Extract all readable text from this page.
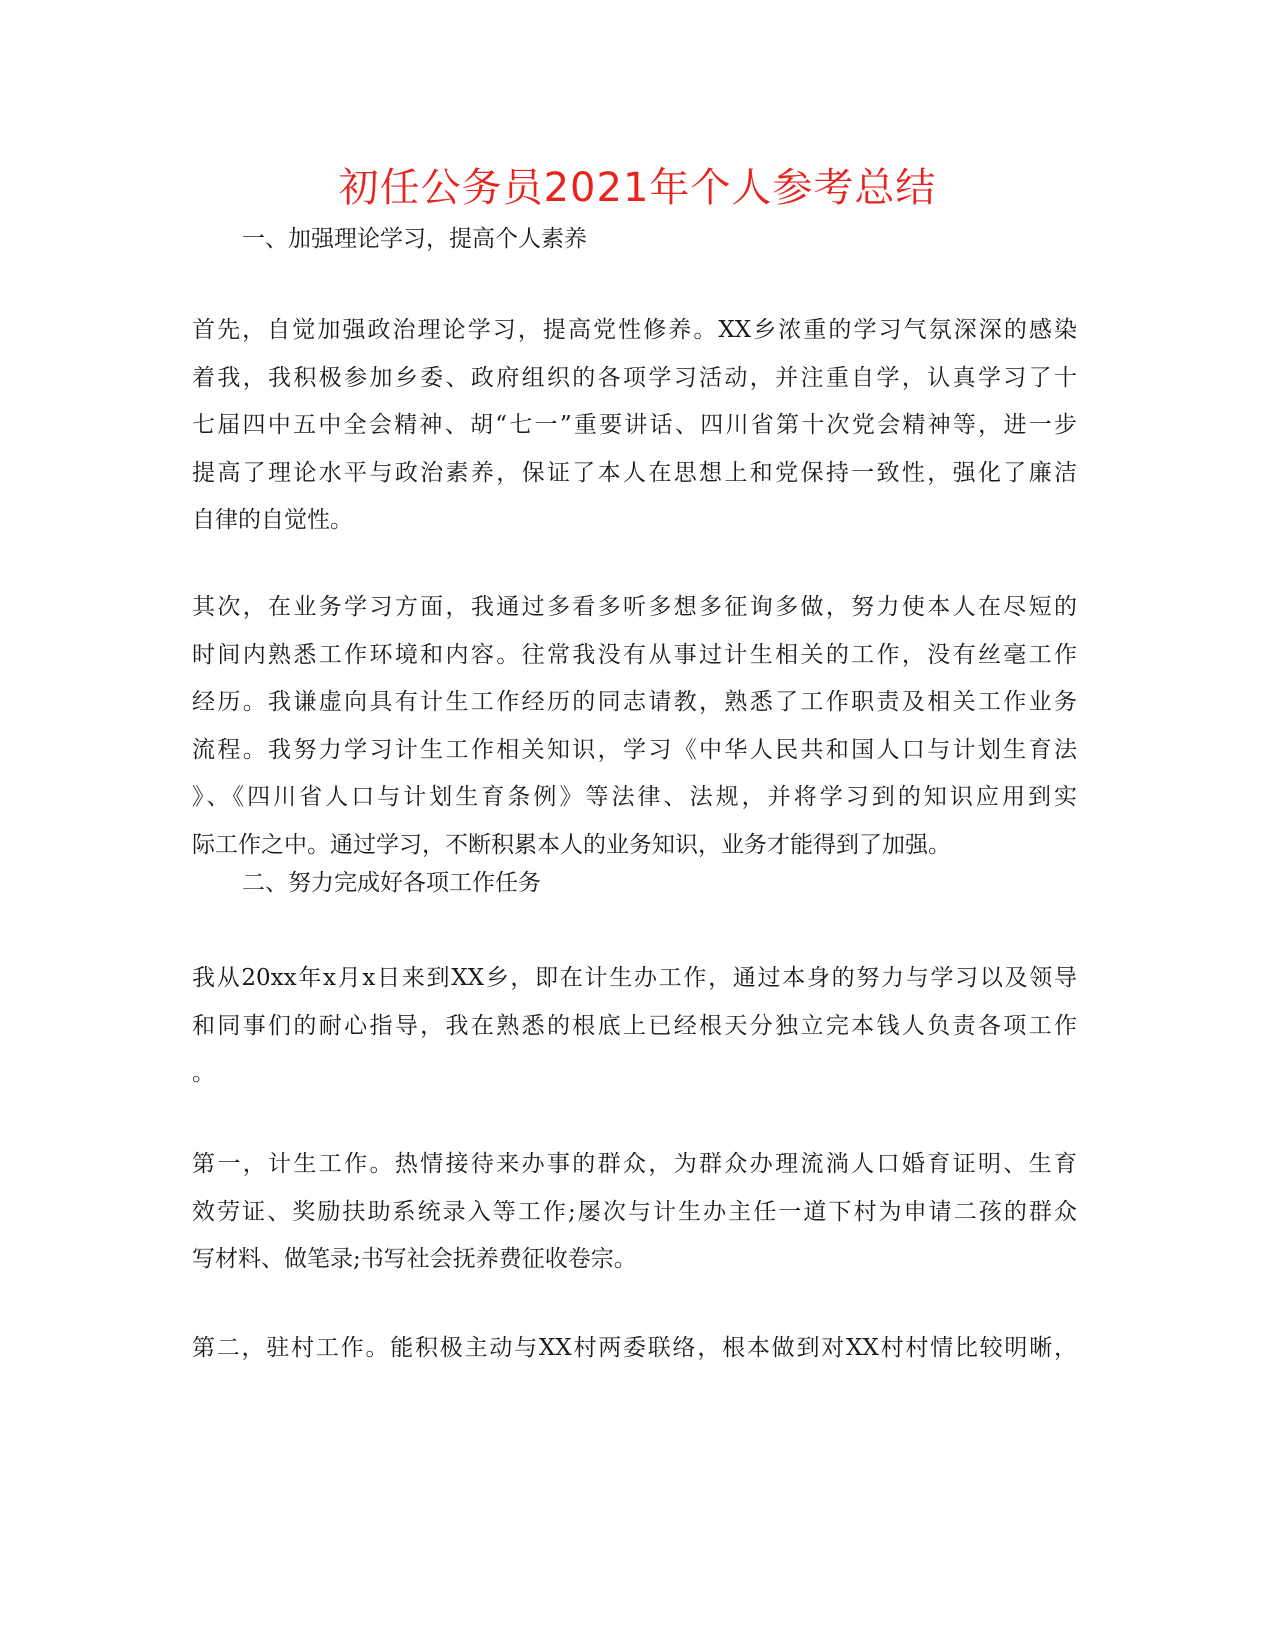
初任公务员2021年个人参考总结
一、加强理论学习，提高个人素养
首先，自觉加强政治理论学习，提高党性修养。XX乡浓重的学习气氛深深的感染
着我，我积极参加乡委、政府组织的各项学习活动，并注重自学，认真学习了十
七届四中五中全会精神、胡“七一”重要讲话、四川省第十次党会精神等，进一步
提高了理论水平与政治素养，保证了本人在思想上和党保持一致性，强化了廉洁
自律的自觉性。
其次，在业务学习方面，我通过多看多听多想多征询多做，努力使本人在尽短的
时间内熟悉工作环境和内容。往常我没有从事过计生相关的工作，没有丝毫工作
经历。我谦虚向具有计生工作经历的同志请教，熟悉了工作职责及相关工作业务
流程。我努力学习计生工作相关知识，学习《中华人民共和国人口与计划生育法
》、《四川省人口与计划生育条例》等法律、法规，并将学习到的知识应用到实
际工作之中。通过学习，不断积累本人的业务知识，业务才能得到了加强。
二、努力完成好各项工作任务
我从20xx年x月x日来到XX乡，即在计生办工作，通过本身的努力与学习以及领导
和同事们的耐心指导，我在熟悉的根底上已经根天分独立完本钱人负责各项工作
。
第一，计生工作。热情接待来办事的群众，为群众办理流淌人口婚育证明、生育
效劳证、奖励扶助系统录入等工作;屡次与计生办主任一道下村为申请二孩的群众
写材料、做笔录;书写社会抚养费征收卷宗。
第二，驻村工作。能积极主动与XX村两委联络，根本做到对XX村村情比较明晰，
